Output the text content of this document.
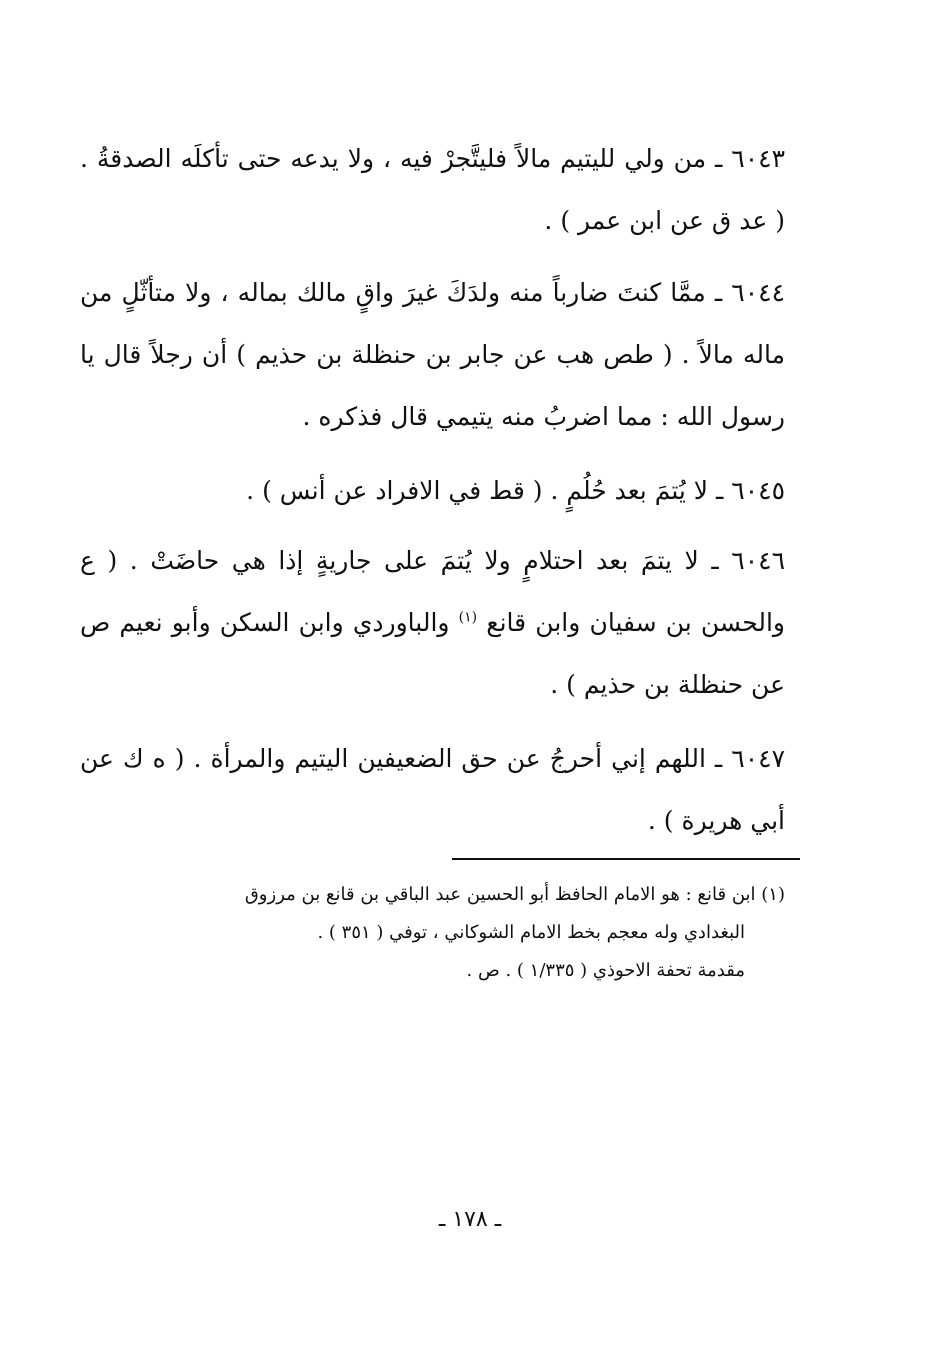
٦٠٤٣ ـ من ولي لليتيم مالاً فليتَّجرْ فيه ، ولا يدعه حتى تأكلَه الصدقةُ . ( عد ق عن ابن عمر ) .

٦٠٤٤ ـ ممَّا كنتَ ضارباً منه ولدَكَ غيرَ واقٍ مالك بماله ، ولا متأثّلٍ من ماله مالاً . ( طص هب عن جابر بن حنظلة بن حذيم ) أن رجلاً قال يا رسول الله : مما اضربُ منه يتيمي قال فذكره .

٦٠٤٥ ـ لا يُتمَ بعد حُلُمٍ . ( قط في الافراد عن أنس ) .

٦٠٤٦ ـ لا يتمَ بعد احتلامٍ ولا يُتمَ على جاريةٍ إذا هي حاضَتْ . ( ع والحسن بن سفيان وابن قانع $^{(١)}$ والباوردي وابن السكن وأبو نعيم ص عن حنظلة بن حذيم ) .

٦٠٤٧ ـ اللهم إني أحرجُ عن حق الضعيفين اليتيم والمرأة . ( ه ك عن أبي هريرة ) .

(١) ابن قانع : هو الامام الحافظ أبو الحسين عبد الباقي بن قانع بن مرزوق
البغدادي وله معجم بخط الامام الشوكاني ، توفي ( ٣٥١ ) .
مقدمة تحفة الاحوذي ( ١/٣٣٥ ) . ص .

ـ ١٧٨ ـ
